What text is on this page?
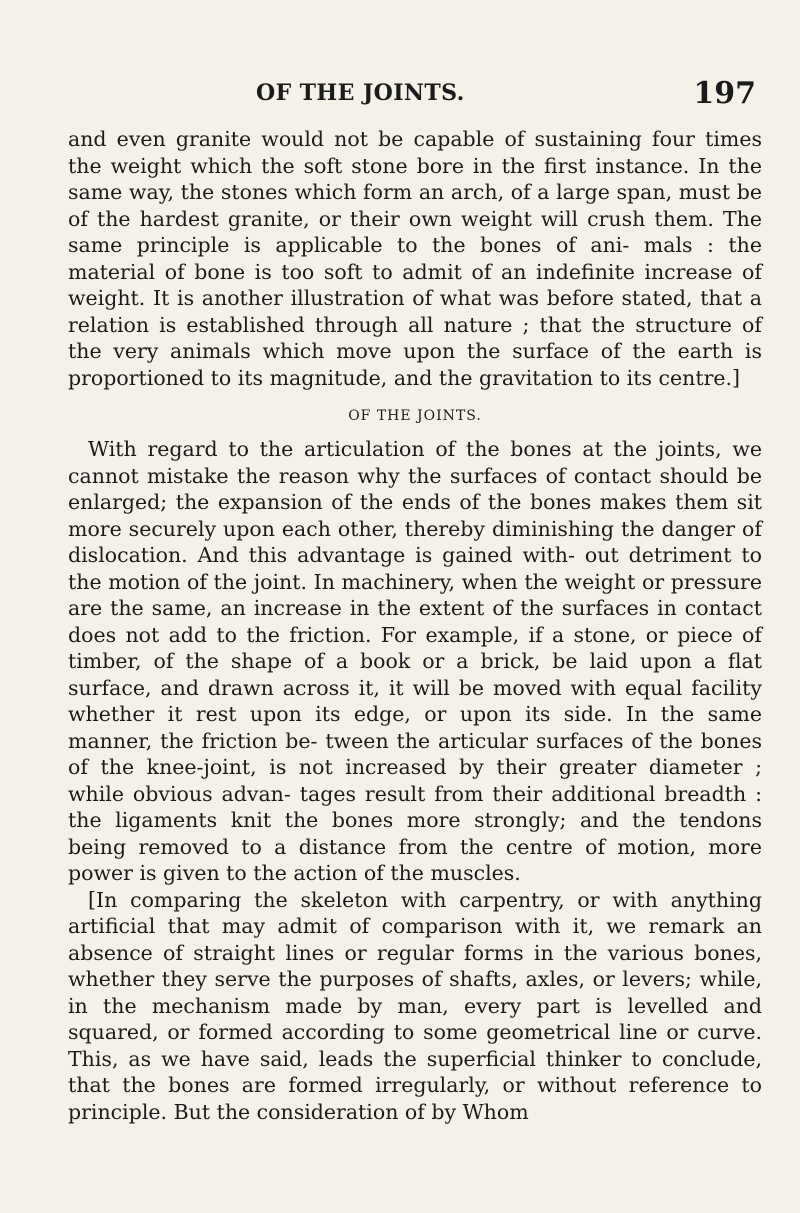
OF THE JOINTS.	197

and even granite would not be capable of sustaining four times the weight which the soft stone bore in the first instance. In the same way, the stones which form an arch, of a large span, must be of the hardest granite, or their own weight will crush them. The same principle is applicable to the bones of ani- mals : the material of bone is too soft to admit of an indefinite increase of weight. It is another illustration of what was before stated, that a relation is established through all nature ; that the structure of the very animals which move upon the surface of the earth is proportioned to its magnitude, and the gravitation to its centre.]

OF THE JOINTS.

With regard to the articulation of the bones at the joints, we cannot mistake the reason why the surfaces of contact should be enlarged; the expansion of the ends of the bones makes them sit more securely upon each other, thereby diminishing the danger of dislocation. And this advantage is gained with- out detriment to the motion of the joint. In machinery, when the weight or pressure are the same, an increase in the extent of the surfaces in contact does not add to the friction. For example, if a stone, or piece of timber, of the shape of a book or a brick, be laid upon a flat surface, and drawn across it, it will be moved with equal facility whether it rest upon its edge, or upon its side. In the same manner, the friction be- tween the articular surfaces of the bones of the knee-joint, is not increased by their greater diameter ; while obvious advan- tages result from their additional breadth : the ligaments knit the bones more strongly; and the tendons being removed to a distance from the centre of motion, more power is given to the action of the muscles.

[In comparing the skeleton with carpentry, or with anything artificial that may admit of comparison with it, we remark an absence of straight lines or regular forms in the various bones, whether they serve the purposes of shafts, axles, or levers; while, in the mechanism made by man, every part is levelled and squared, or formed according to some geometrical line or curve. This, as we have said, leads the superficial thinker to conclude, that the bones are formed irregularly, or without reference to principle. But the consideration of by Whom
